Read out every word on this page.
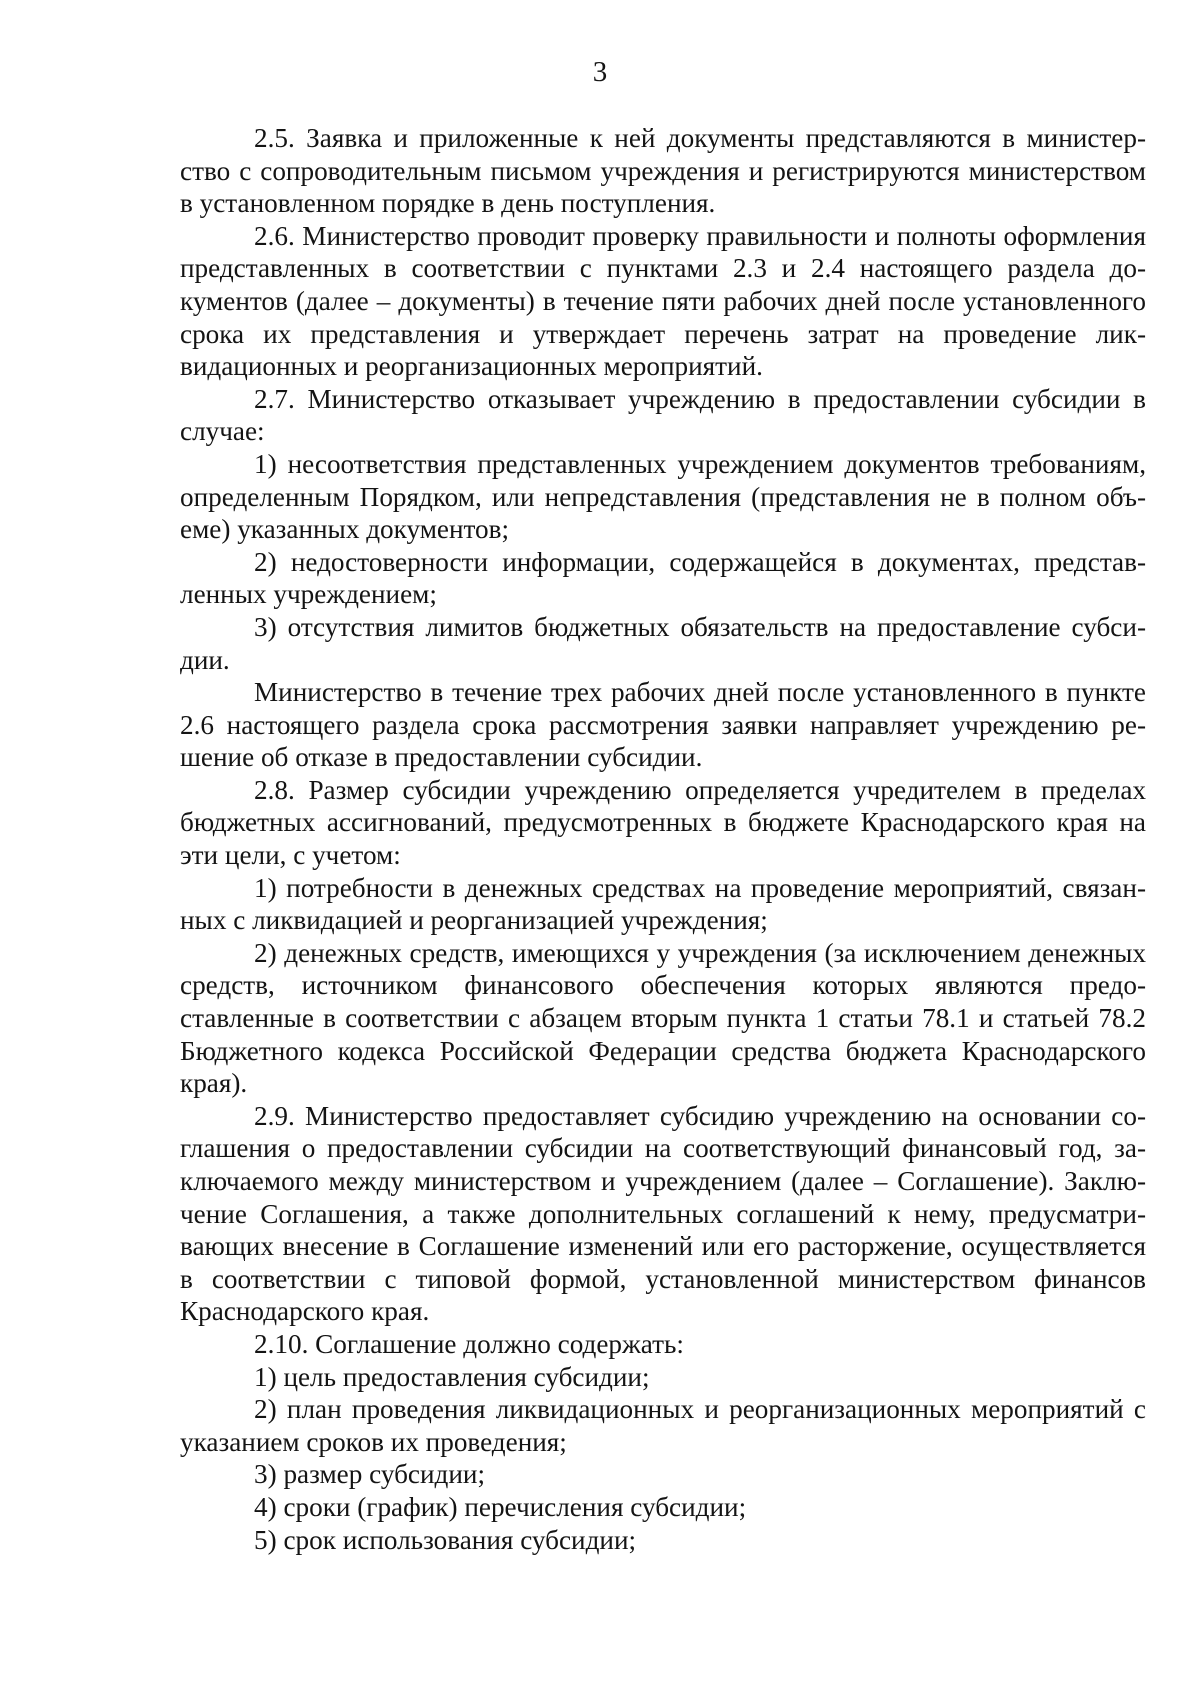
3

2.5. Заявка и приложенные к ней документы представляются в министерство с сопроводительным письмом учреждения и регистрируются министерством в установленном порядке в день поступления.

2.6. Министерство проводит проверку правильности и полноты оформления представленных в соответствии с пунктами 2.3 и 2.4 настоящего раздела документов (далее – документы) в течение пяти рабочих дней после установленного срока их представления и утверждает перечень затрат на проведение ликвидационных и реорганизационных мероприятий.

2.7. Министерство отказывает учреждению в предоставлении субсидии в случае:

1) несоответствия представленных учреждением документов требованиям, определенным Порядком, или непредставления (представления не в полном объеме) указанных документов;

2) недостоверности информации, содержащейся в документах, представленных учреждением;

3) отсутствия лимитов бюджетных обязательств на предоставление субсидии.

Министерство в течение трех рабочих дней после установленного в пункте 2.6 настоящего раздела срока рассмотрения заявки направляет учреждению решение об отказе в предоставлении субсидии.

2.8. Размер субсидии учреждению определяется учредителем в пределах бюджетных ассигнований, предусмотренных в бюджете Краснодарского края на эти цели, с учетом:

1) потребности в денежных средствах на проведение мероприятий, связанных с ликвидацией и реорганизацией учреждения;

2) денежных средств, имеющихся у учреждения (за исключением денежных средств, источником финансового обеспечения которых являются предоставленные в соответствии с абзацем вторым пункта 1 статьи 78.1 и статьей 78.2 Бюджетного кодекса Российской Федерации средства бюджета Краснодарского края).

2.9. Министерство предоставляет субсидию учреждению на основании соглашения о предоставлении субсидии на соответствующий финансовый год, заключаемого между министерством и учреждением (далее – Соглашение). Заключение Соглашения, а также дополнительных соглашений к нему, предусматривающих внесение в Соглашение изменений или его расторжение, осуществляется в соответствии с типовой формой, установленной министерством финансов Краснодарского края.

2.10. Соглашение должно содержать:

1) цель предоставления субсидии;

2) план проведения ликвидационных и реорганизационных мероприятий с указанием сроков их проведения;

3) размер субсидии;

4) сроки (график) перечисления субсидии;

5) срок использования субсидии;
